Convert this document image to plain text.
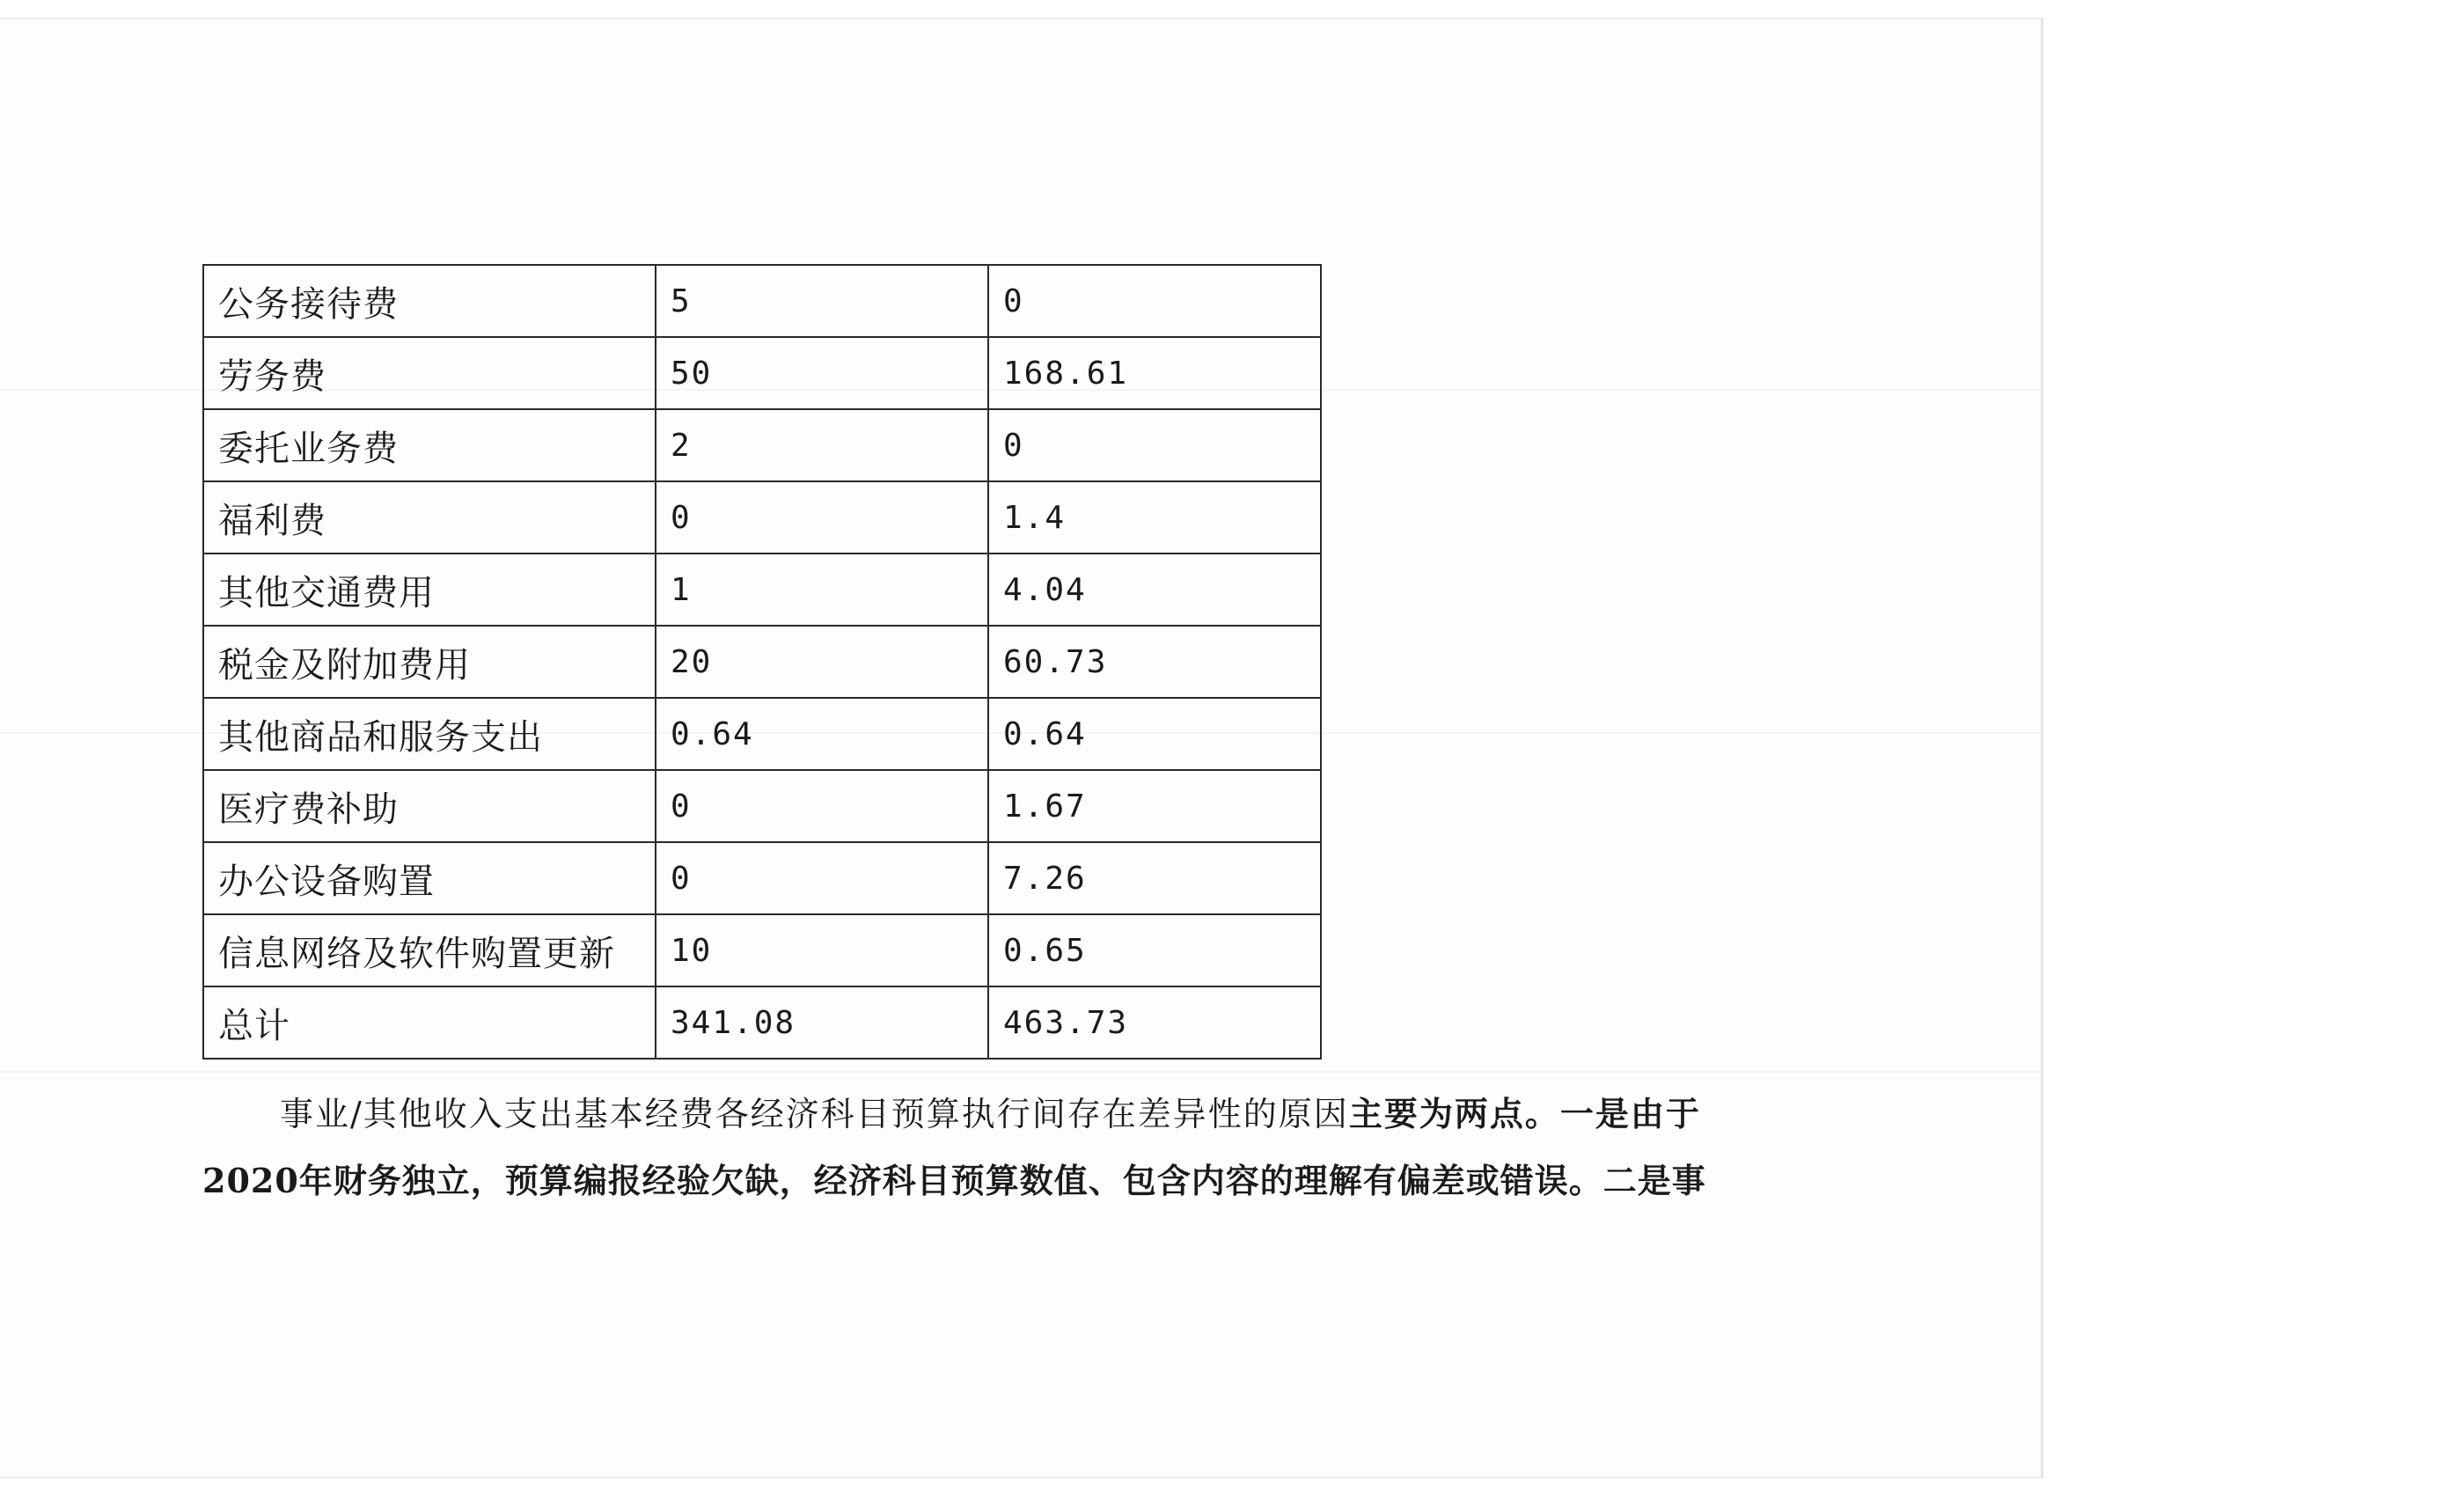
公务接待费	5	0
劳务费	50	168.61
委托业务费	2	0
福利费	0	1.4
其他交通费用	1	4.04
税金及附加费用	20	60.73
其他商品和服务支出	0.64	0.64
医疗费补助	0	1.67
办公设备购置	0	7.26
信息网络及软件购置更新	10	0.65
总计	341.08	463.73
事业/其他收入支出基本经费各经济科目预算执行间存在差异性的原因主要为两点。一是由于
2020年财务独立，预算编报经验欠缺，经济科目预算数值、包含内容的理解有偏差或错误。二是事
